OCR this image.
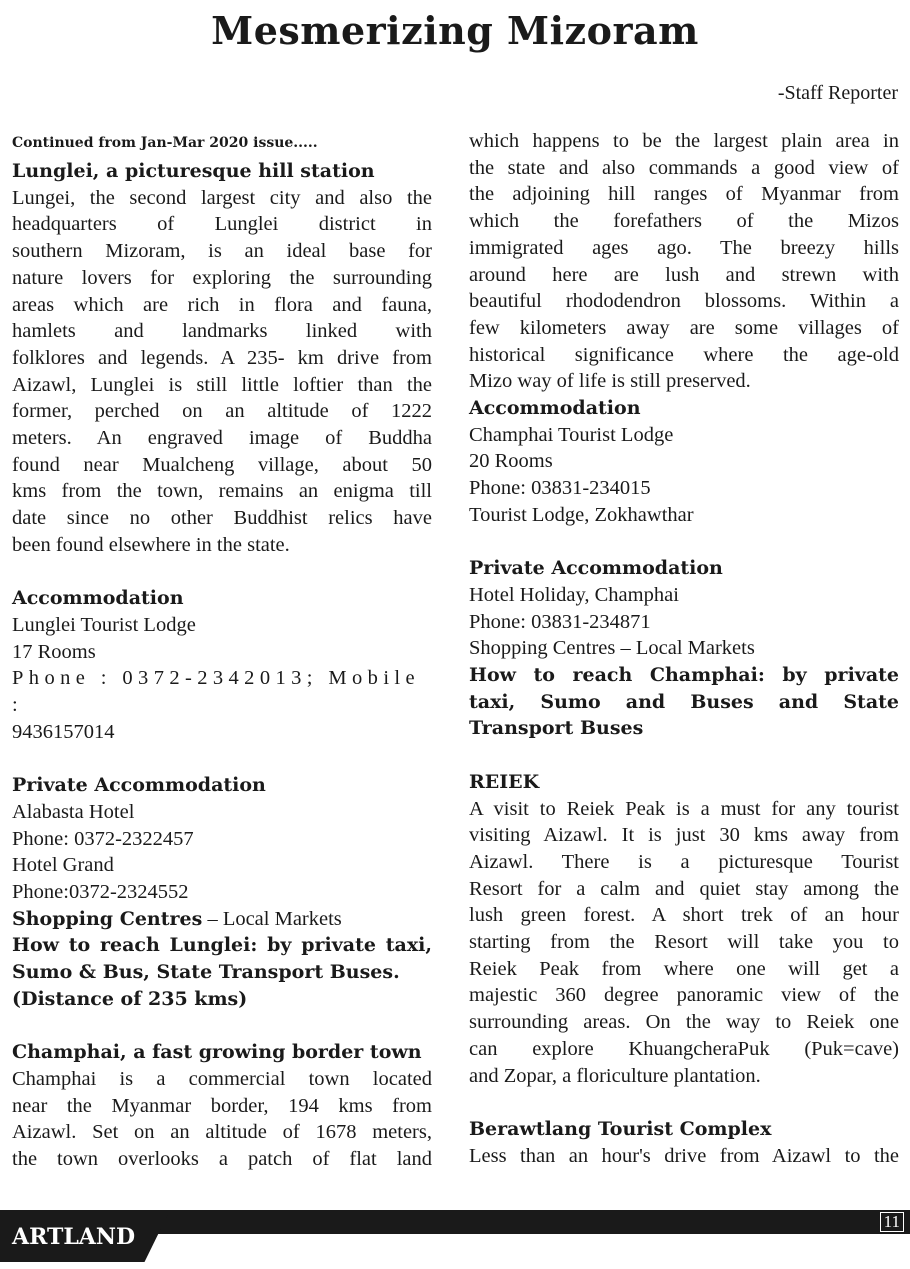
Mesmerizing Mizoram
-Staff Reporter

Continued from Jan-Mar 2020 issue.....

Lunglei, a picturesque hill station

Lungei, the second largest city and also the

headquarters of Lunglei district in

southern Mizoram, is an ideal base for

nature lovers for exploring the surrounding

areas which are rich in flora and fauna,

hamlets and landmarks linked with

folklores and legends. A 235- km drive from

Aizawl, Lunglei is still little loftier than the

former, perched on an altitude of 1222

meters. An engraved image of Buddha

found near Mualcheng village, about 50

kms from the town, remains an enigma till

date since no other Buddhist relics have

been found elsewhere in the state.

Accommodation

Lunglei Tourist Lodge

17 Rooms

Phone : 0372-2342013; Mobile :

9436157014

Private Accommodation

Alabasta Hotel

Phone: 0372-2322457

Hotel Grand

Phone:0372-2324552

Shopping Centres – Local Markets

How to reach Lunglei: by private taxi,

Sumo & Bus, State Transport Buses.

(Distance of 235 kms)

Champhai, a fast growing border town

Champhai is a commercial town located

near the Myanmar border, 194 kms from

Aizawl. Set on an altitude of 1678 meters,

the town overlooks a patch of flat land

which happens to be the largest plain area in

the state and also commands a good view of

the adjoining hill ranges of Myanmar from

which the forefathers of the Mizos

immigrated ages ago. The breezy hills

around here are lush and strewn with

beautiful rhododendron blossoms. Within a

few kilometers away are some villages of

historical significance where the age-old

Mizo way of life is still preserved.

Accommodation

Champhai Tourist Lodge

20 Rooms

Phone: 03831-234015

Tourist Lodge, Zokhawthar

Private Accommodation

Hotel Holiday, Champhai

Phone: 03831-234871

Shopping Centres – Local Markets

How to reach Champhai: by private

taxi, Sumo and Buses and State

Transport Buses

REIEK

A visit to Reiek Peak is a must for any tourist

visiting Aizawl. It is just 30 kms away from

Aizawl. There is a picturesque Tourist

Resort for a calm and quiet stay among the

lush green forest. A short trek of an hour

starting from the Resort will take you to

Reiek Peak from where one will get a

majestic 360 degree panoramic view of the

surrounding areas. On the way to Reiek one

can explore KhuangcheraPuk (Puk=cave)

and Zopar, a floriculture plantation.

Berawtlang Tourist Complex

Less than an hour's drive from Aizawl to the

ARTLAND
11
